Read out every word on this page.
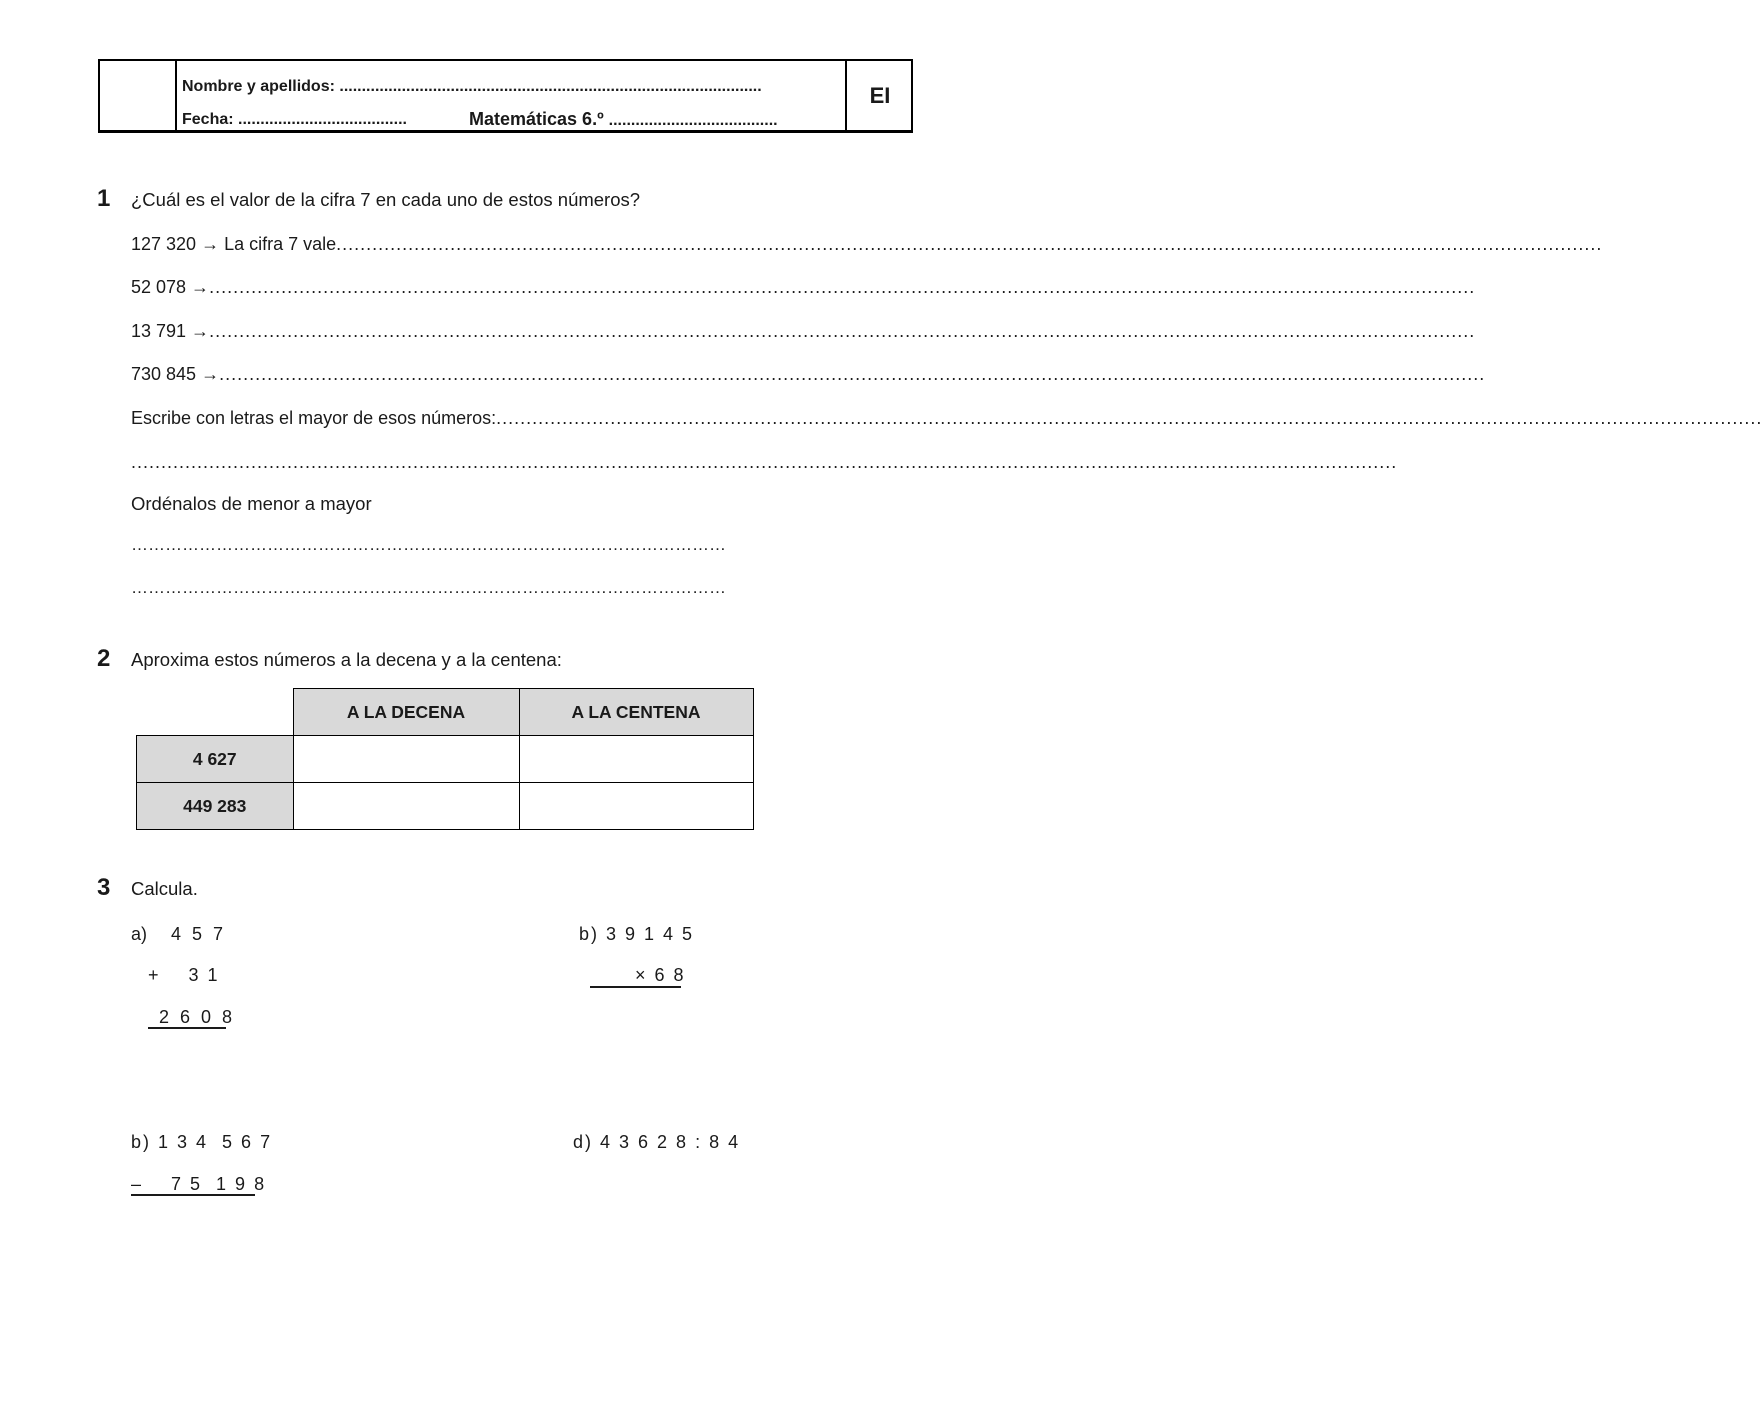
Nombre y apellidos: ...............................................................................................
Fecha: ......................................	Matemáticas 6.º ......................................
EI
1 ¿Cuál es el valor de la cifra 7 en cada uno de estos números?
127 320 → La cifra 7 vale ...................................................................................................................................................................................................................
52 078 → ...................................................................................................................................................................................................................
13 791 → ...................................................................................................................................................................................................................
730 845 → ...................................................................................................................................................................................................................
Escribe con letras el mayor de esos números: ...................................................................................................................................................................................................................
...................................................................................................................................................................................................................
Ordénalos de menor a mayor
……………………………………………………………………………………………
……………………………………………………………………………………………
2 Aproxima estos números a la decena y a la centena:
	A LA DECENA	A LA CENTENA
4 627		
449 283		
3 Calcula.
a) 4 5 7
+    3 1
2 6 0 8
b) 3 9 1 4 5
× 6 8
b) 1 3 4  5 6 7
–    7 5  1 9 8
d) 4 3 6 2 8 : 8 4
